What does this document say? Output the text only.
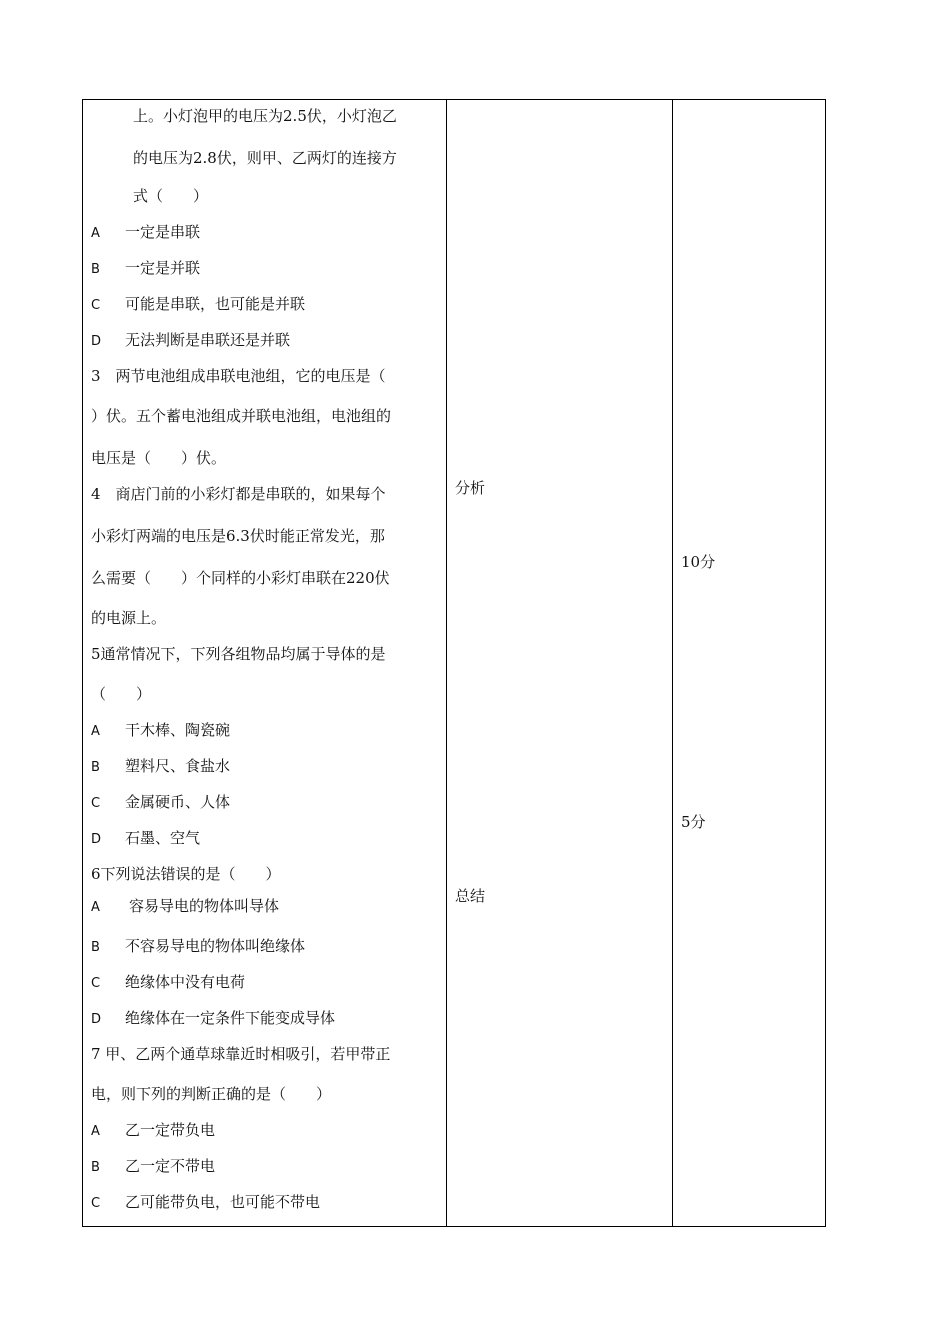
上。小灯泡甲的电压为2.5伏，小灯泡乙
的电压为2.8伏，则甲、乙两灯的连接方
式（　　）
A 一定是串联
B 一定是并联
C 可能是串联，也可能是并联
D 无法判断是串联还是并联
3　两节电池组成串联电池组，它的电压是（
）伏。五个蓄电池组成并联电池组，电池组的
电压是（　　）伏。
4　商店门前的小彩灯都是串联的，如果每个
小彩灯两端的电压是6.3伏时能正常发光，那
么需要（　　）个同样的小彩灯串联在220伏
的电源上。
5通常情况下，下列各组物品均属于导体的是
（　　）
A 干木棒、陶瓷碗
B 塑料尺、食盐水
C 金属硬币、人体
D 石墨、空气
6下列说法错误的是（　　）
A 容易导电的物体叫导体
B 不容易导电的物体叫绝缘体
C 绝缘体中没有电荷
D 绝缘体在一定条件下能变成导体
7 甲、乙两个通草球靠近时相吸引，若甲带正
电，则下列的判断正确的是（　　）
A 乙一定带负电
B 乙一定不带电
C 乙可能带负电，也可能不带电
分析
总结
10分
5分
